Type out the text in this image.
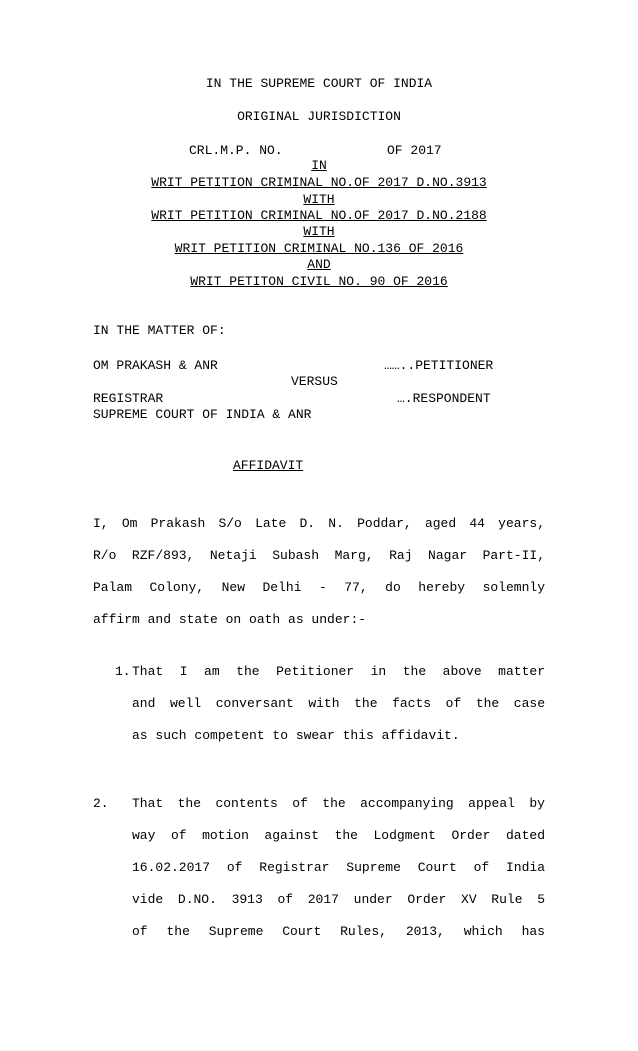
IN THE SUPREME COURT OF INDIA
ORIGINAL JURISDICTION
CRL.M.P. NO.	OF 2017
IN
WRIT PETITION CRIMINAL NO.OF 2017 D.NO.3913
WITH
WRIT PETITION CRIMINAL NO.OF 2017 D.NO.2188
WITH
WRIT PETITION CRIMINAL NO.136 OF 2016
AND
WRIT PETITON CIVIL NO. 90 OF 2016
IN THE MATTER OF:
OM PRAKASH & ANR	……..PETITIONER
VERSUS
REGISTRAR	….RESPONDENT
SUPREME COURT OF INDIA & ANR
AFFIDAVIT
I, Om Prakash S/o Late D. N. Poddar, aged 44 years,
R/o RZF/893, Netaji Subash Marg, Raj Nagar Part-II,
Palam Colony, New Delhi - 77, do hereby solemnly
affirm and state on oath as under:-
1. That I am the Petitioner in the above matter
and well conversant with the facts of the case
as such competent to swear this affidavit.
2. That the contents of the accompanying appeal by
way of motion against the Lodgment Order dated
16.02.2017 of Registrar Supreme Court of India
vide D.NO. 3913 of 2017 under Order XV Rule 5
of the Supreme Court Rules, 2013, which has
